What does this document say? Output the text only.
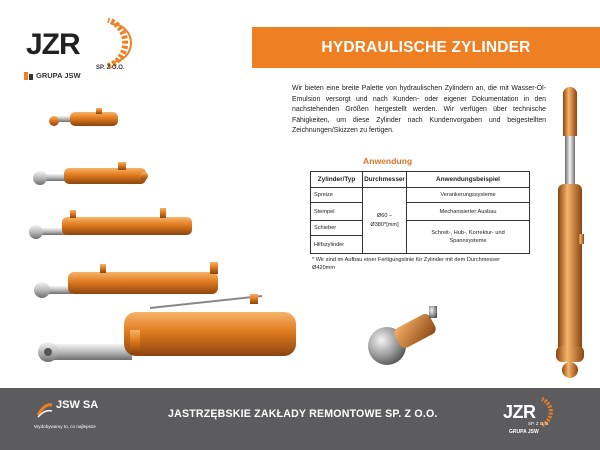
JZR
SP. Z O.O.
GRUPA JSW
HYDRAULISCHE ZYLINDER

Wir bieten eine breite Palette von hydraulischen Zylindern an, die mit Wasser-Öl-Emulsion versorgt und nach Kunden- oder eigener Dokumentation in den nachstehenden Größen hergestellt werden. Wir verfügen über technische Fähigkeiten, um diese Zylinder nach Kundenvorgaben und beigestellten Zeichnungen/Skizzen zu fertigen.

Anwendung
Zylinder/Typ	Durchmesser	Anwendungsbeispiel
Spreize	Ø60 – Ø380*[mm]	Verankerungssysteme
Stempel		Mechanisierter Ausbau
Schieber		Schreit-, Hub-, Korrektur- und Spannsysteme
Hilfszylinder		

* Wir sind im Aufbau einer Fertigungslinie für Zylinder mit dem Durchmesser Ø420mm

JSW SA
Wydobywamy to, co najlepsze
JASTRZĘBSKIE ZAKŁADY REMONTOWE SP. Z O.O.	JZR
SP. Z O.O.
GRUPA JSW
